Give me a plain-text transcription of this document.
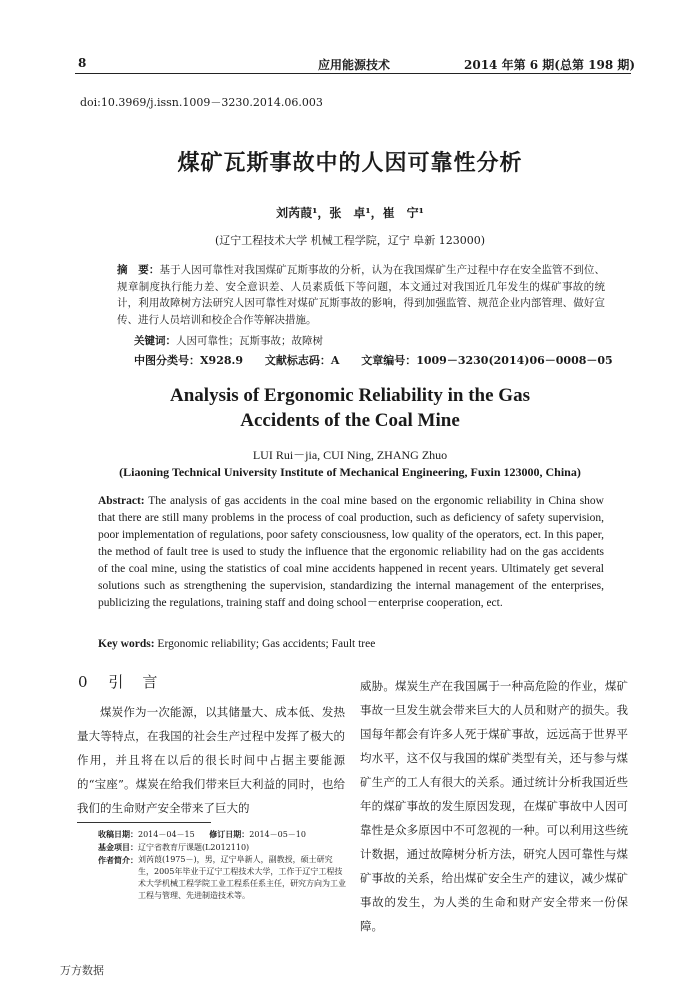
8	应用能源技术	2014 年第 6 期(总第 198 期)
doi:10.3969/j.issn.1009－3230.2014.06.003
煤矿瓦斯事故中的人因可靠性分析
刘芮葭¹，张　卓¹，崔　宁¹
(辽宁工程技术大学 机械工程学院，辽宁 阜新 123000)
摘　要：基于人因可靠性对我国煤矿瓦斯事故的分析，认为在我国煤矿生产过程中存在安全监管不到位、规章制度执行能力差、安全意识差、人员素质低下等问题，本文通过对我国近几年发生的煤矿事故的统计，利用故障树方法研究人因可靠性对煤矿瓦斯事故的影响，得到加强监管、规范企业内部管理、做好宣传、进行人员培训和校企合作等解决措施。
关键词：人因可靠性；瓦斯事故；故障树
中图分类号：X928.9 文献标志码：A 文章编号：1009－3230(2014)06－0008－05
Analysis of Ergonomic Reliability in the Gas
Accidents of the Coal Mine
LUI Rui－jia, CUI Ning, ZHANG Zhuo
(Liaoning Technical University Institute of Mechanical Engineering, Fuxin 123000, China)
Abstract: The analysis of gas accidents in the coal mine based on the ergonomic reliability in China show that there are still many problems in the process of coal production, such as deficiency of safety supervision, poor implementation of regulations, poor safety consciousness, low quality of the operators, ect. In this paper, the method of fault tree is used to study the influence that the ergonomic reliability had on the gas accidents of the coal mine, using the statistics of coal mine accidents happened in recent years. Ultimately get several solutions such as strengthening the supervision, standardizing the internal management of the enterprises, publicizing the regulations, training staff and doing school－enterprise cooperation, ect.
Key words: Ergonomic reliability; Gas accidents; Fault tree
0 引　言

煤炭作为一次能源，以其储量大、成本低、发热量大等特点，在我国的社会生产过程中发挥了极大的作用，并且将在以后的很长时间中占据主要能源的“宝座”。煤炭在给我们带来巨大利益的同时，也给我们的生命财产安全带来了巨大的

威胁。煤炭生产在我国属于一种高危险的作业，煤矿事故一旦发生就会带来巨大的人员和财产的损失。我国每年都会有许多人死于煤矿事故，远远高于世界平均水平，这不仅与我国的煤矿类型有关，还与参与煤矿生产的工人有很大的关系。通过统计分析我国近些年的煤矿事故的发生原因发现，在煤矿事故中人因可靠性是众多原因中不可忽视的一种。可以利用这些统计数据，通过故障树分析方法，研究人因可靠性与煤矿事故的关系，给出煤矿安全生产的建议，减少煤矿事故的发生，为人类的生命和财产安全带来一份保障。

收稿日期：2014－04－15 修订日期：2014－05－10
基金项目：辽宁省教育厅课题(L2012110)
作者简介： 刘芮葭(1975－)，男，辽宁阜新人，副教授，硕士研究生，2005年毕业于辽宁工程技术大学，工作于辽宁工程技术大学机械工程学院工业工程系任系主任，研究方向为工业工程与管理、先进制造技术等。
万方数据
